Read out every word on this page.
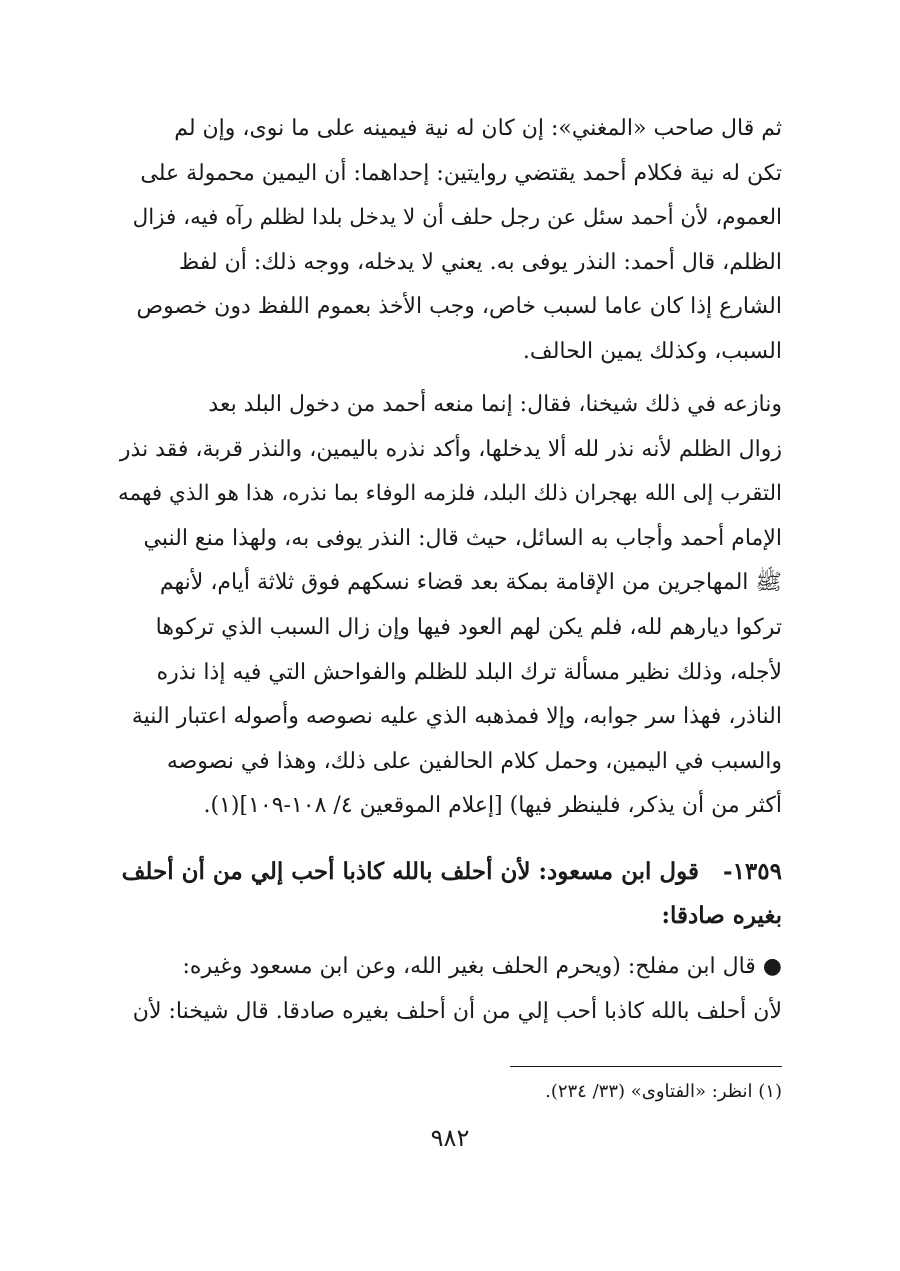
ثم قال صاحب «المغني»: إن كان له نية فيمينه على ما نوى، وإن لم
تكن له نية فكلام أحمد يقتضي روايتين: إحداهما: أن اليمين محمولة على
العموم، لأن أحمد سئل عن رجل حلف أن لا يدخل بلدا لظلم رآه فيه، فزال
الظلم، قال أحمد: النذر يوفى به. يعني لا يدخله، ووجه ذلك: أن لفظ
الشارع إذا كان عاما لسبب خاص، وجب الأخذ بعموم اللفظ دون خصوص
السبب، وكذلك يمين الحالف.
ونازعه في ذلك شيخنا، فقال: إنما منعه أحمد من دخول البلد بعد
زوال الظلم لأنه نذر لله ألا يدخلها، وأكد نذره باليمين، والنذر قربة، فقد نذر
التقرب إلى الله بهجران ذلك البلد، فلزمه الوفاء بما نذره، هذا هو الذي فهمه
الإمام أحمد وأجاب به السائل، حيث قال: النذر يوفى به، ولهذا منع النبي
ﷺ المهاجرين من الإقامة بمكة بعد قضاء نسكهم فوق ثلاثة أيام، لأنهم
تركوا ديارهم لله، فلم يكن لهم العود فيها وإن زال السبب الذي تركوها
لأجله، وذلك نظير مسألة ترك البلد للظلم والفواحش التي فيه إذا نذره
الناذر، فهذا سر جوابه، وإلا فمذهبه الذي عليه نصوصه وأصوله اعتبار النية
والسبب في اليمين، وحمل كلام الحالفين على ذلك، وهذا في نصوصه
أكثر من أن يذكر، فلينظر فيها) [إعلام الموقعين ٤/ ١٠٨-١٠٩](١).
١٣٥٩-   قول ابن مسعود: لأن أحلف بالله كاذبا أحب إلي من أن أحلف
بغيره صادقا:
● قال ابن مفلح: (ويحرم الحلف بغير الله، وعن ابن مسعود وغيره:
لأن أحلف بالله كاذبا أحب إلي من أن أحلف بغيره صادقا. قال شيخنا: لأن
(١) انظر: «الفتاوى» (٣٣/ ٢٣٤).
٩٨٢
